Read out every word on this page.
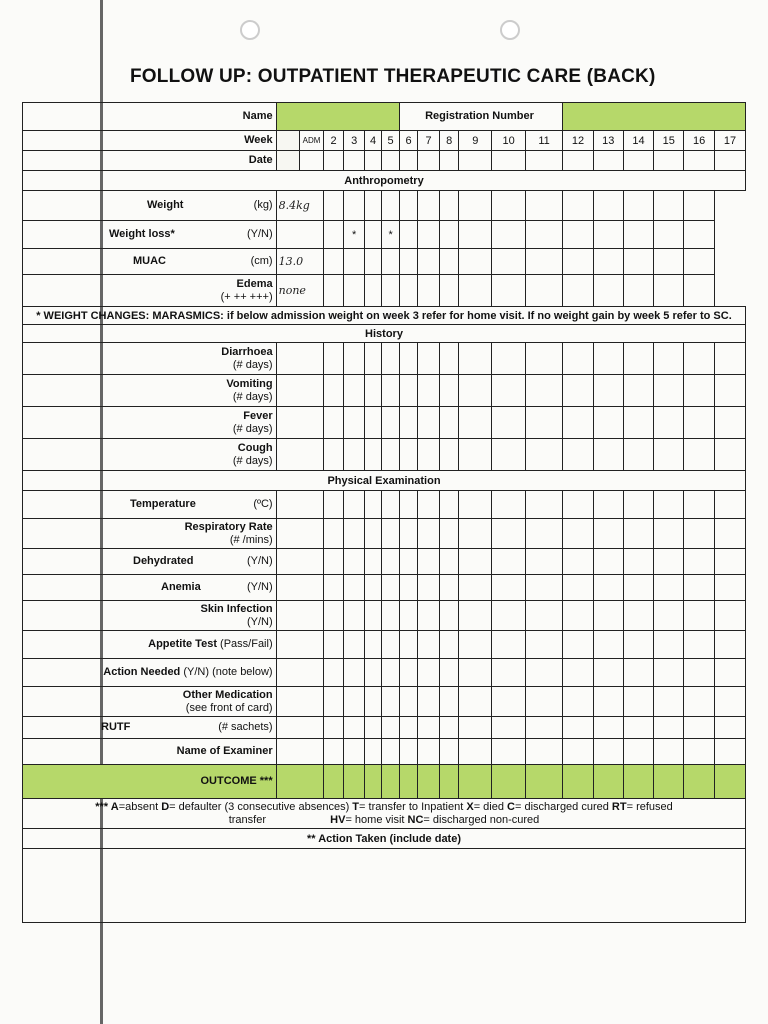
FOLLOW UP: OUTPATIENT THERAPEUTIC CARE (BACK)
Name							Registration Number											
Week		ADM	2	3	4	5	6	7	8	9	10	11	12	13	14	15	16	17
Date																		
Anthropometry																		

Weight (kg)	8.4kg																	

Weight loss* (Y/N)				*		*												

MUAC (cm)	13.0																	
Edema
(+ ++ +++)	none																	
* WEIGHT CHANGES: MARASMICS: if below admission weight on week 3 refer for home visit. If no weight gain by week 5 refer to SC.																		
History																		
Diarrhoea
(# days)																		
Vomiting
(# days)																		
Fever
(# days)																		
Cough
(# days)																		
Physical Examination																		

Temperature (ºC)																		
Respiratory Rate
(# /mins)																		

Dehydrated (Y/N)																		

Anemia (Y/N)																		
Skin Infection
(Y/N)																		
Appetite Test (Pass/Fail)																		
Action Needed (Y/N) (note below)																		
Other Medication
(see front of card)																		

RUTF (# sachets)																		
Name of Examiner																		
OUTCOME ***																		
*** A=absent D= defaulter (3 consecutive absences) T= transfer to Inpatient X= died C= discharged cured RT= refused
transfer HV= home visit NC= discharged non-cured																		
** Action Taken (include date)																		
